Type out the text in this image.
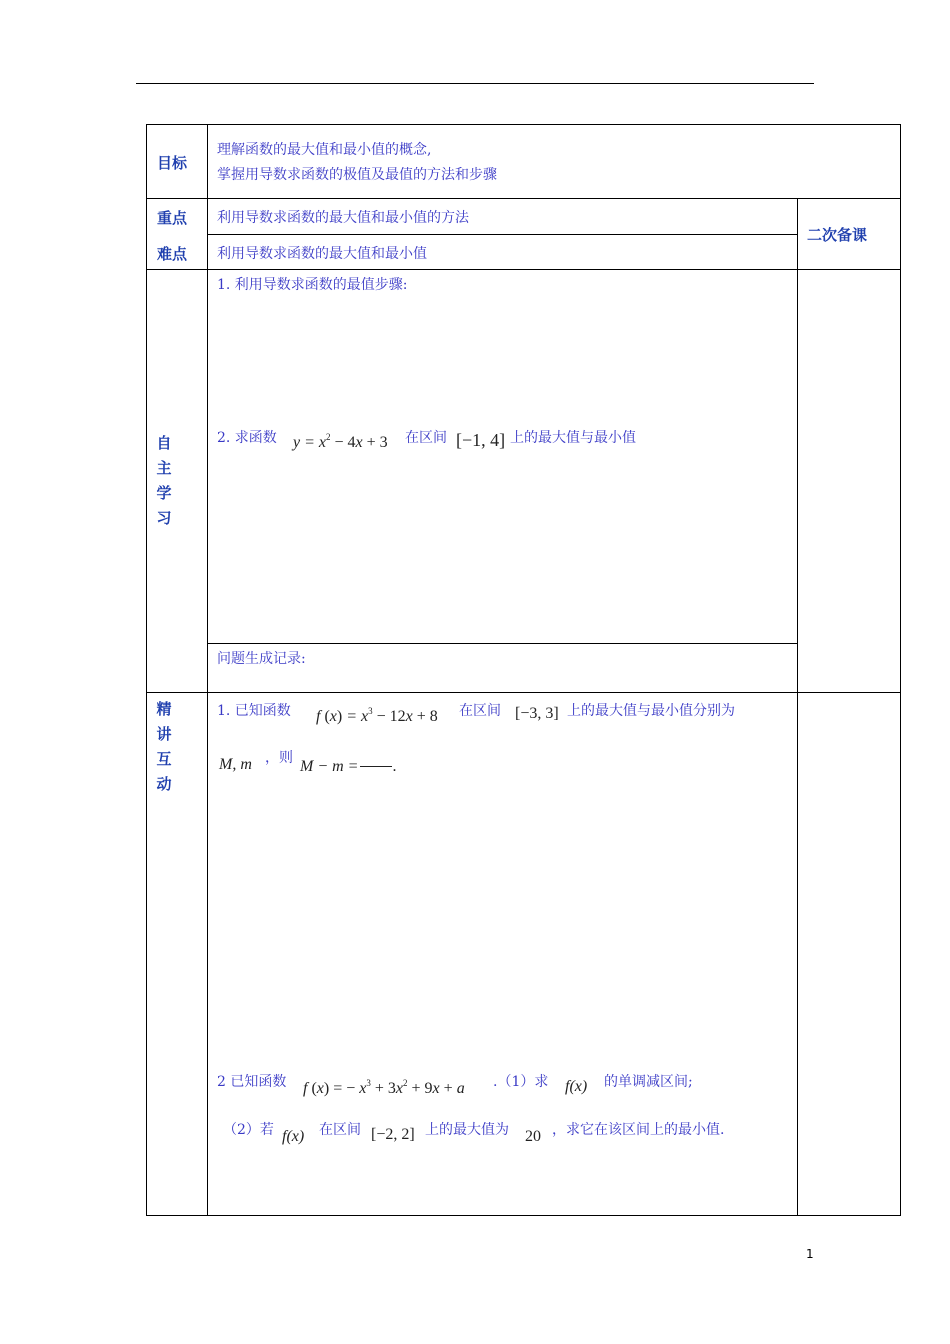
目标
理解函数的最大值和最小值的概念,
掌握用导数求函数的极值及最值的方法和步骤
重点 利用导数求函数的最大值和最小值的方法
难点 利用导数求函数的最大值和最小值
二次备课
自
主
学
习
1. 利用导数求函数的最值步骤:
2. 求函数 $y = x^2 - 4x + 3$ 在区间 [−1, 4] 上的最大值与最小值
问题生成记录:
精
讲
互
动
1. 已知函数 f $(x) = x^3 - 12x + 8$ 在区间 [−3, 3] 上的最大值与最小值分别为
M, m ，则 M − m = .
2 已知函数 f (x) = − $x^3 + 3x^2 + 9x + a$ .（1）求 f(x) 的单调减区间;
（2）若 f(x) 在区间 [−2, 2] 上的最大值为 20 ，求它在该区间上的最小值.
1
